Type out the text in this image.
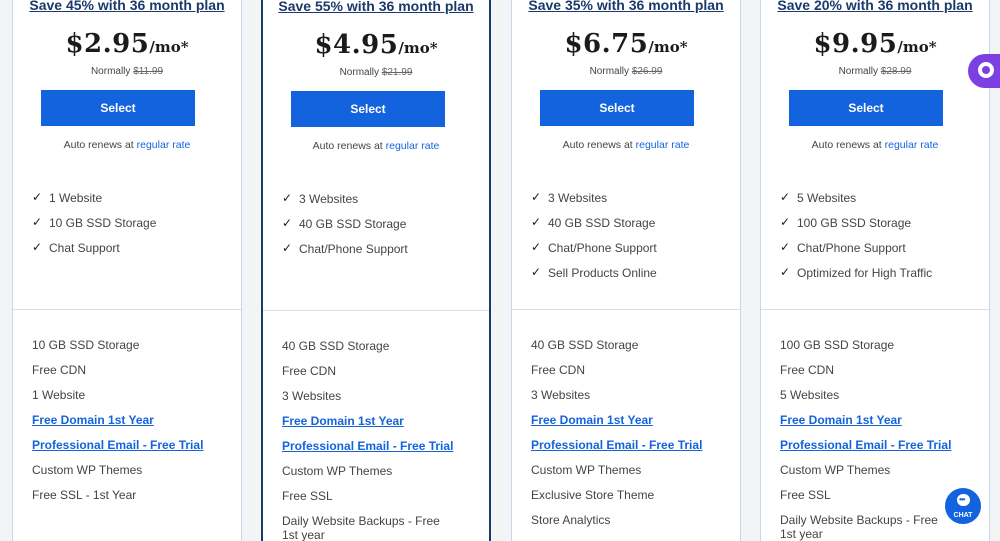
Save 45% with 36 month plan
$2.95/mo*
Normally $11.99
Select
Auto renews at regular rate
✓ 1 Website
✓ 10 GB SSD Storage
✓ Chat Support
10 GB SSD Storage
Free CDN
1 Website
Free Domain 1st Year
Professional Email - Free Trial
Custom WP Themes
Free SSL - 1st Year
Save 55% with 36 month plan
$4.95/mo*
Normally $21.99
Select
Auto renews at regular rate
✓ 3 Websites
✓ 40 GB SSD Storage
✓ Chat/Phone Support
40 GB SSD Storage
Free CDN
3 Websites
Free Domain 1st Year
Professional Email - Free Trial
Custom WP Themes
Free SSL
Daily Website Backups - Free 1st year
Save 35% with 36 month plan
$6.75/mo*
Normally $26.99
Select
Auto renews at regular rate
✓ 3 Websites
✓ 40 GB SSD Storage
✓ Chat/Phone Support
✓ Sell Products Online
40 GB SSD Storage
Free CDN
3 Websites
Free Domain 1st Year
Professional Email - Free Trial
Custom WP Themes
Exclusive Store Theme
Store Analytics
Save 20% with 36 month plan
$9.95/mo*
Normally $28.99
Select
Auto renews at regular rate
✓ 5 Websites
✓ 100 GB SSD Storage
✓ Chat/Phone Support
✓ Optimized for High Traffic
100 GB SSD Storage
Free CDN
5 Websites
Free Domain 1st Year
Professional Email - Free Trial
Custom WP Themes
Free SSL
Daily Website Backups - Free 1st year
•••
CHAT
